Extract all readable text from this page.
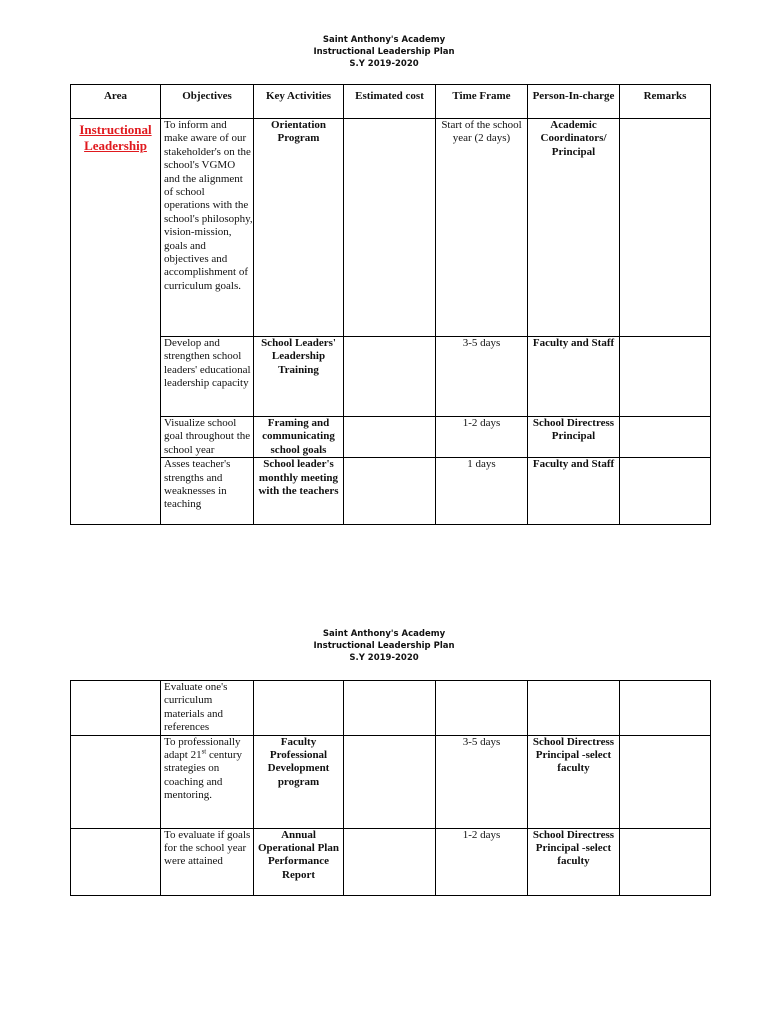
Saint Anthony's Academy
Instructional Leadership Plan
S.Y 2019-2020
Area	Objectives	Key Activities	Estimated cost	Time Frame	Person-In-charge	Remarks

Instructional Leadership	To inform and make aware of our stakeholder's on the school's VGMO and the alignment of school operations with the school's philosophy, vision-mission, goals and objectives and accomplishment of curriculum goals.	Orientation Program		Start of the school year (2 days)	Academic Coordinators/ Principal	
	Develop and strengthen school leaders' educational leadership capacity	School Leaders' Leadership Training		3-5 days	Faculty and Staff	
	Visualize school goal throughout the school year	Framing and communicating school goals		1-2 days	School Directress Principal	
	Asses teacher's strengths and weaknesses in teaching	School leader's monthly meeting with the teachers		1 days	Faculty and Staff	
Saint Anthony's Academy
Instructional Leadership Plan
S.Y 2019-2020
	Evaluate one's curriculum materials and references					
	To professionally adapt 21st century strategies on coaching and mentoring.	Faculty Professional Development program		3-5 days	School Directress Principal -select faculty	
	To evaluate if goals for the school year were attained	Annual Operational Plan Performance Report		1-2 days	School Directress Principal -select faculty	
